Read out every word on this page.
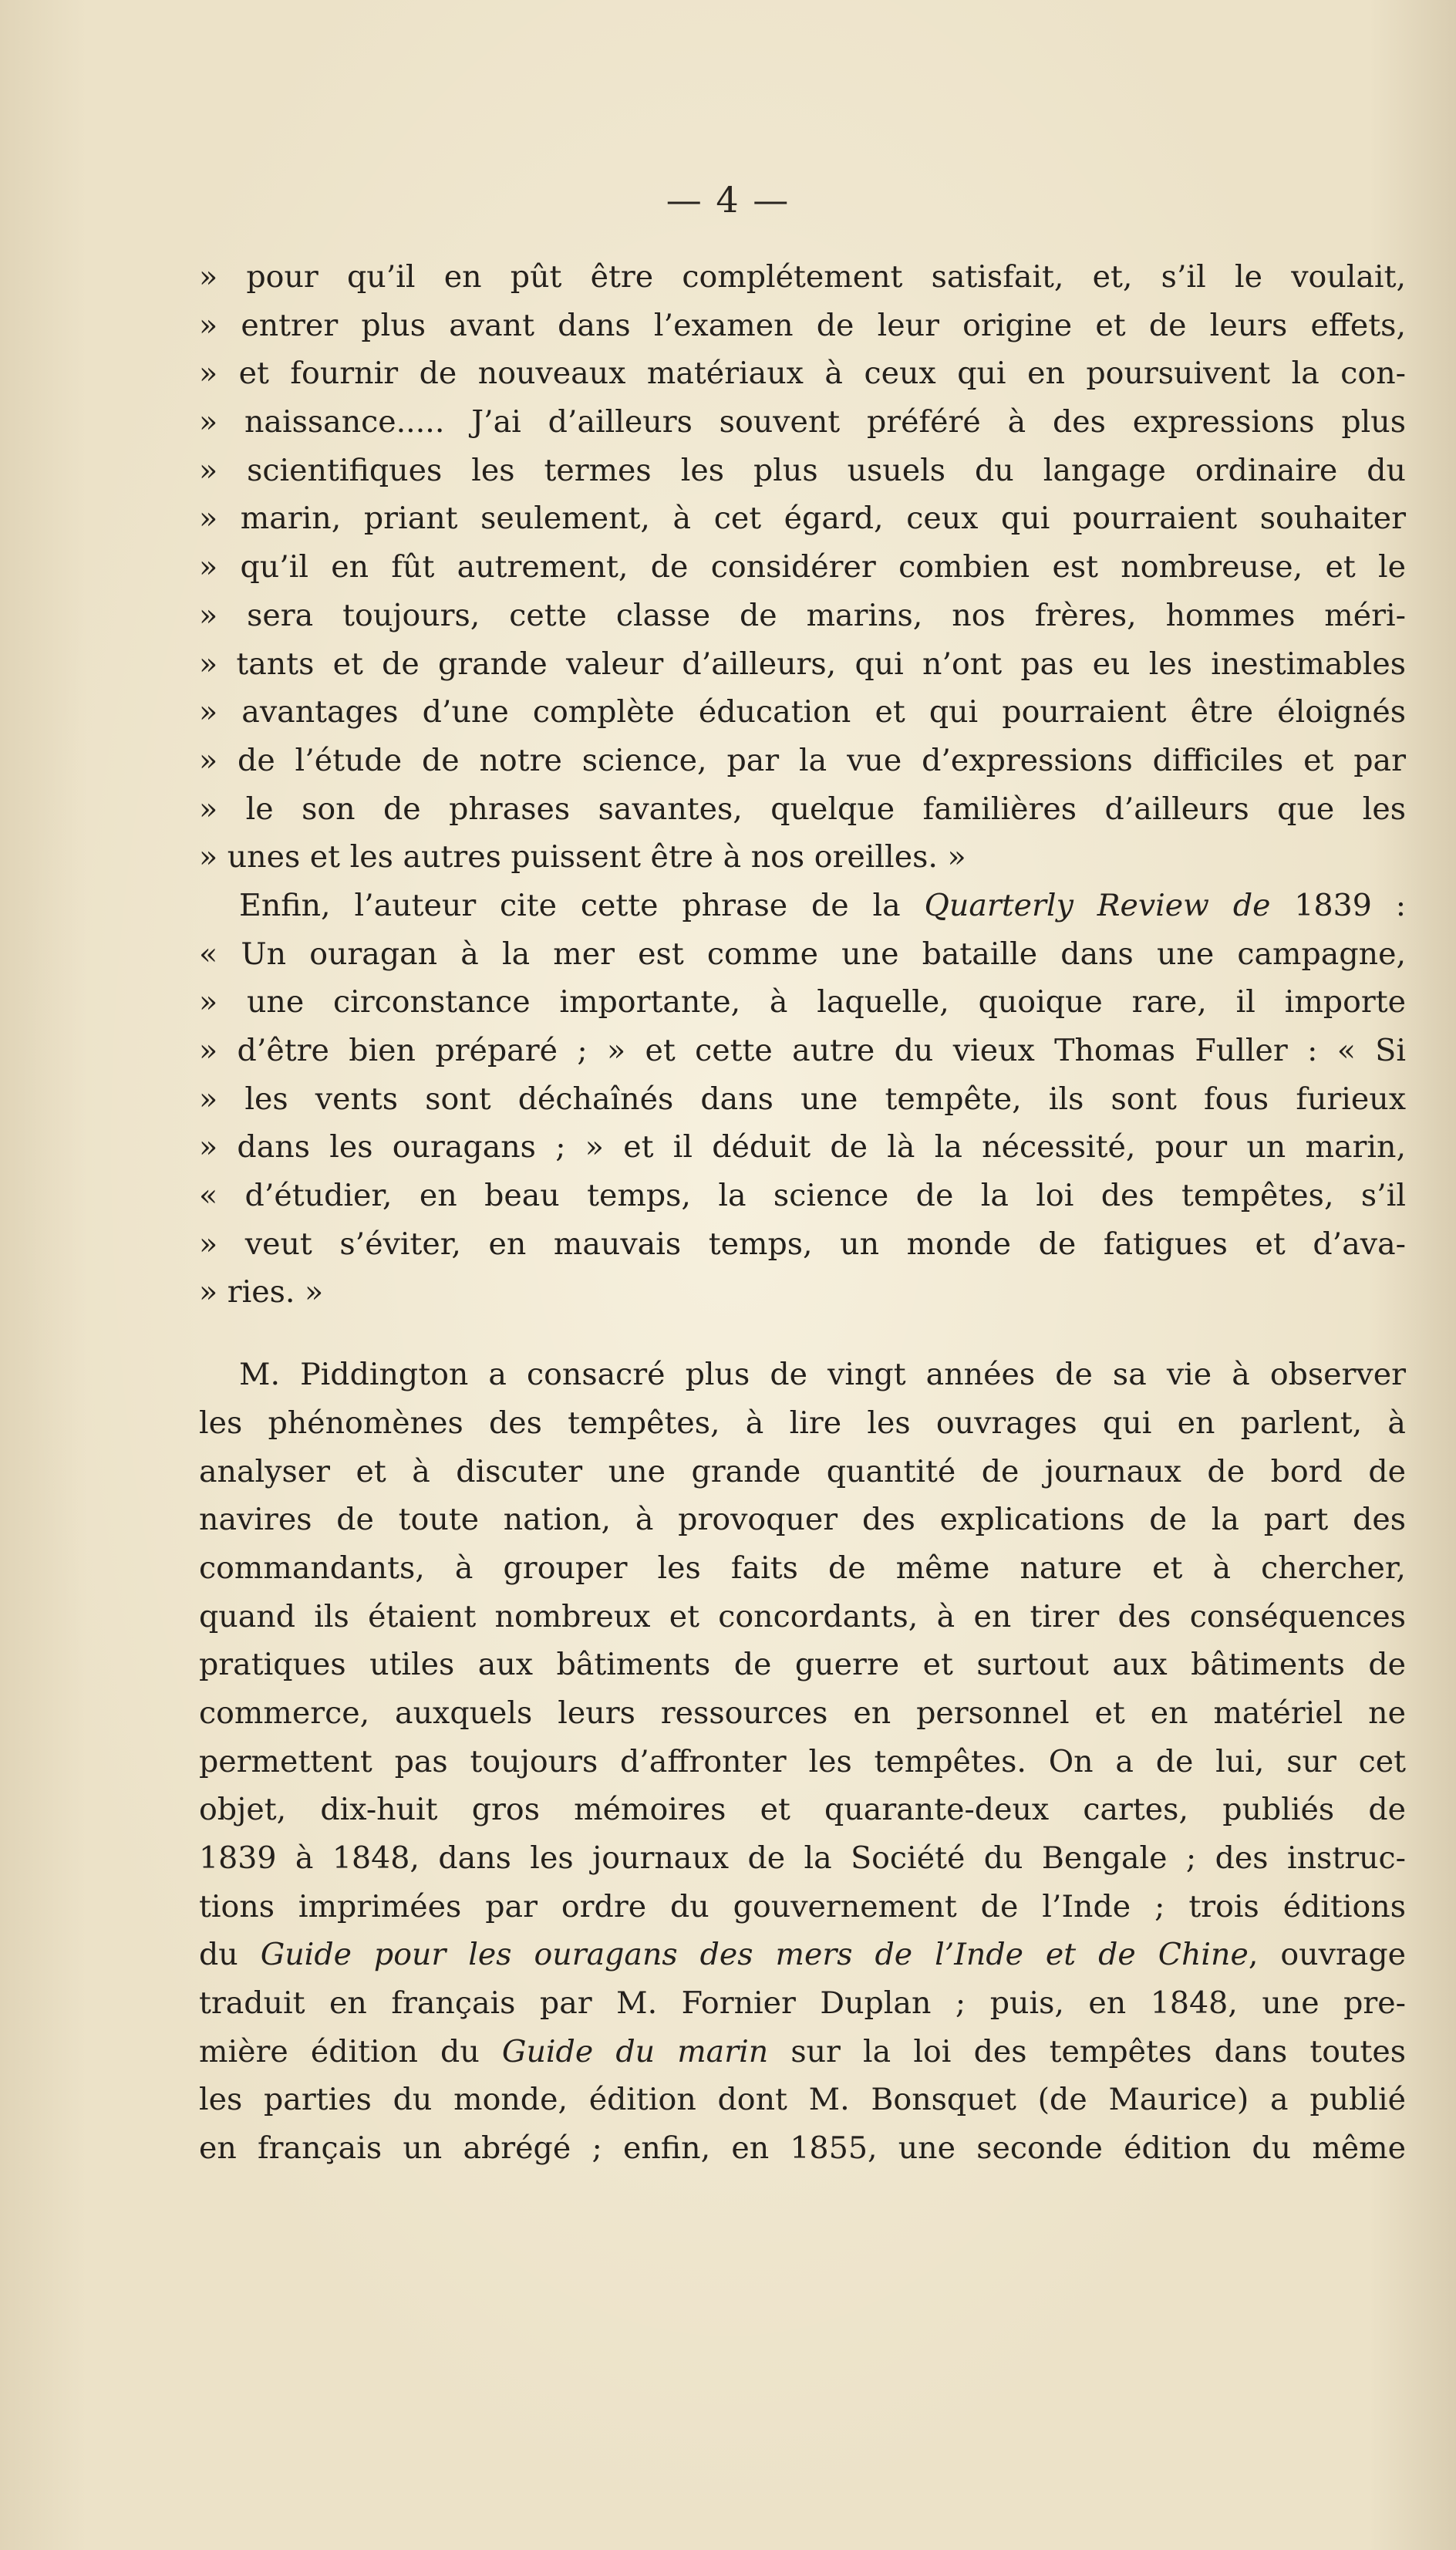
— 4 —
» pour qu’il en pût être complétement satisfait, et, s’il le voulait,
» entrer plus avant dans l’examen de leur origine et de leurs effets,
» et fournir de nouveaux matériaux à ceux qui en poursuivent la con-
» naissance..... J’ai d’ailleurs souvent préféré à des expressions plus
» scientifiques les termes les plus usuels du langage ordinaire du
» marin, priant seulement, à cet égard, ceux qui pourraient souhaiter
» qu’il en fût autrement, de considérer combien est nombreuse, et le
» sera toujours, cette classe de marins, nos frères, hommes méri-
» tants et de grande valeur d’ailleurs, qui n’ont pas eu les inestimables
» avantages d’une complète éducation et qui pourraient être éloignés
» de l’étude de notre science, par la vue d’expressions difficiles et par
» le son de phrases savantes, quelque familières d’ailleurs que les
» unes et les autres puissent être à nos oreilles. »
Enfin, l’auteur cite cette phrase de la Quarterly Review de 1839 :
« Un ouragan à la mer est comme une bataille dans une campagne,
» une circonstance importante, à laquelle, quoique rare, il importe
» d’être bien préparé ; » et cette autre du vieux Thomas Fuller : « Si
» les vents sont déchaînés dans une tempête, ils sont fous furieux
» dans les ouragans ; » et il déduit de là la nécessité, pour un marin,
« d’étudier, en beau temps, la science de la loi des tempêtes, s’il
» veut s’éviter, en mauvais temps, un monde de fatigues et d’ava-
» ries. »
M. Piddington a consacré plus de vingt années de sa vie à observer
les phénomènes des tempêtes, à lire les ouvrages qui en parlent, à
analyser et à discuter une grande quantité de journaux de bord de
navires de toute nation, à provoquer des explications de la part des
commandants, à grouper les faits de même nature et à chercher,
quand ils étaient nombreux et concordants, à en tirer des conséquences
pratiques utiles aux bâtiments de guerre et surtout aux bâtiments de
commerce, auxquels leurs ressources en personnel et en matériel ne
permettent pas toujours d’affronter les tempêtes. On a de lui, sur cet
objet, dix-huit gros mémoires et quarante-deux cartes, publiés de
1839 à 1848, dans les journaux de la Société du Bengale ; des instruc-
tions imprimées par ordre du gouvernement de l’Inde ; trois éditions
du Guide pour les ouragans des mers de l’Inde et de Chine, ouvrage
traduit en français par M. Fornier Duplan ; puis, en 1848, une pre-
mière édition du Guide du marin sur la loi des tempêtes dans toutes
les parties du monde, édition dont M. Bonsquet (de Maurice) a publié
en français un abrégé ; enfin, en 1855, une seconde édition du même
